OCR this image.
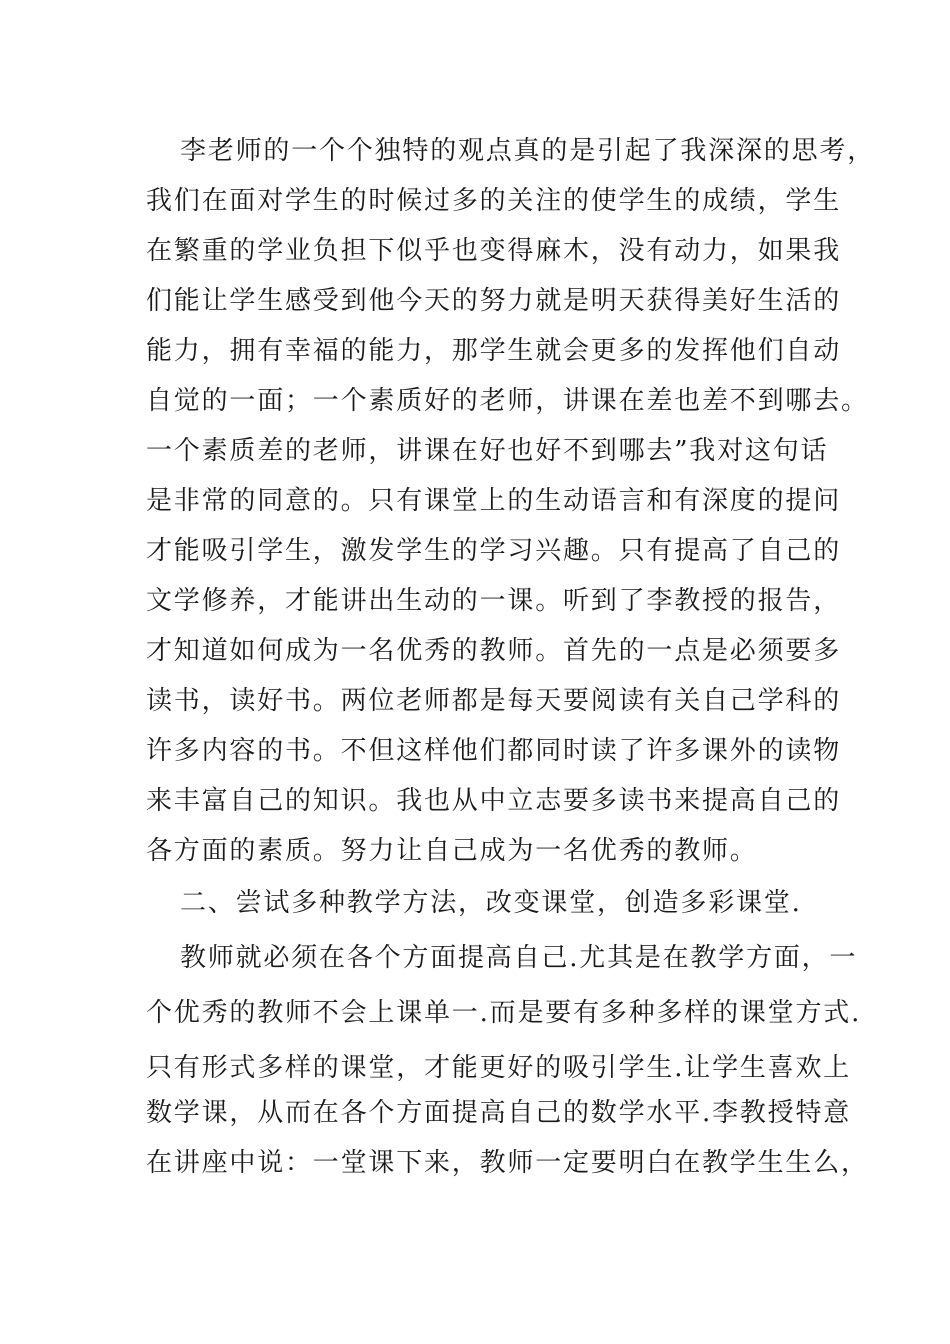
李老师的一个个独特的观点真的是引起了我深深的思考，
我们在面对学生的时候过多的关注的使学生的成绩，学生
在繁重的学业负担下似乎也变得麻木，没有动力，如果我
们能让学生感受到他今天的努力就是明天获得美好生活的
能力，拥有幸福的能力，那学生就会更多的发挥他们自动
自觉的一面；一个素质好的老师，讲课在差也差不到哪去。
一个素质差的老师，讲课在好也好不到哪去”我对这句话
是非常的同意的。只有课堂上的生动语言和有深度的提问
才能吸引学生，激发学生的学习兴趣。只有提高了自己的
文学修养，才能讲出生动的一课。听到了李教授的报告，
才知道如何成为一名优秀的教师。首先的一点是必须要多
读书，读好书。两位老师都是每天要阅读有关自己学科的
许多内容的书。不但这样他们都同时读了许多课外的读物
来丰富自己的知识。我也从中立志要多读书来提高自己的
各方面的素质。努力让自己成为一名优秀的教师。
二、尝试多种教学方法，改变课堂，创造多彩课堂.
教师就必须在各个方面提高自己.尤其是在教学方面，一
个优秀的教师不会上课单一.而是要有多种多样的课堂方式.
只有形式多样的课堂，才能更好的吸引学生.让学生喜欢上
数学课，从而在各个方面提高自己的数学水平.李教授特意
在讲座中说：一堂课下来，教师一定要明白在教学生生么，
